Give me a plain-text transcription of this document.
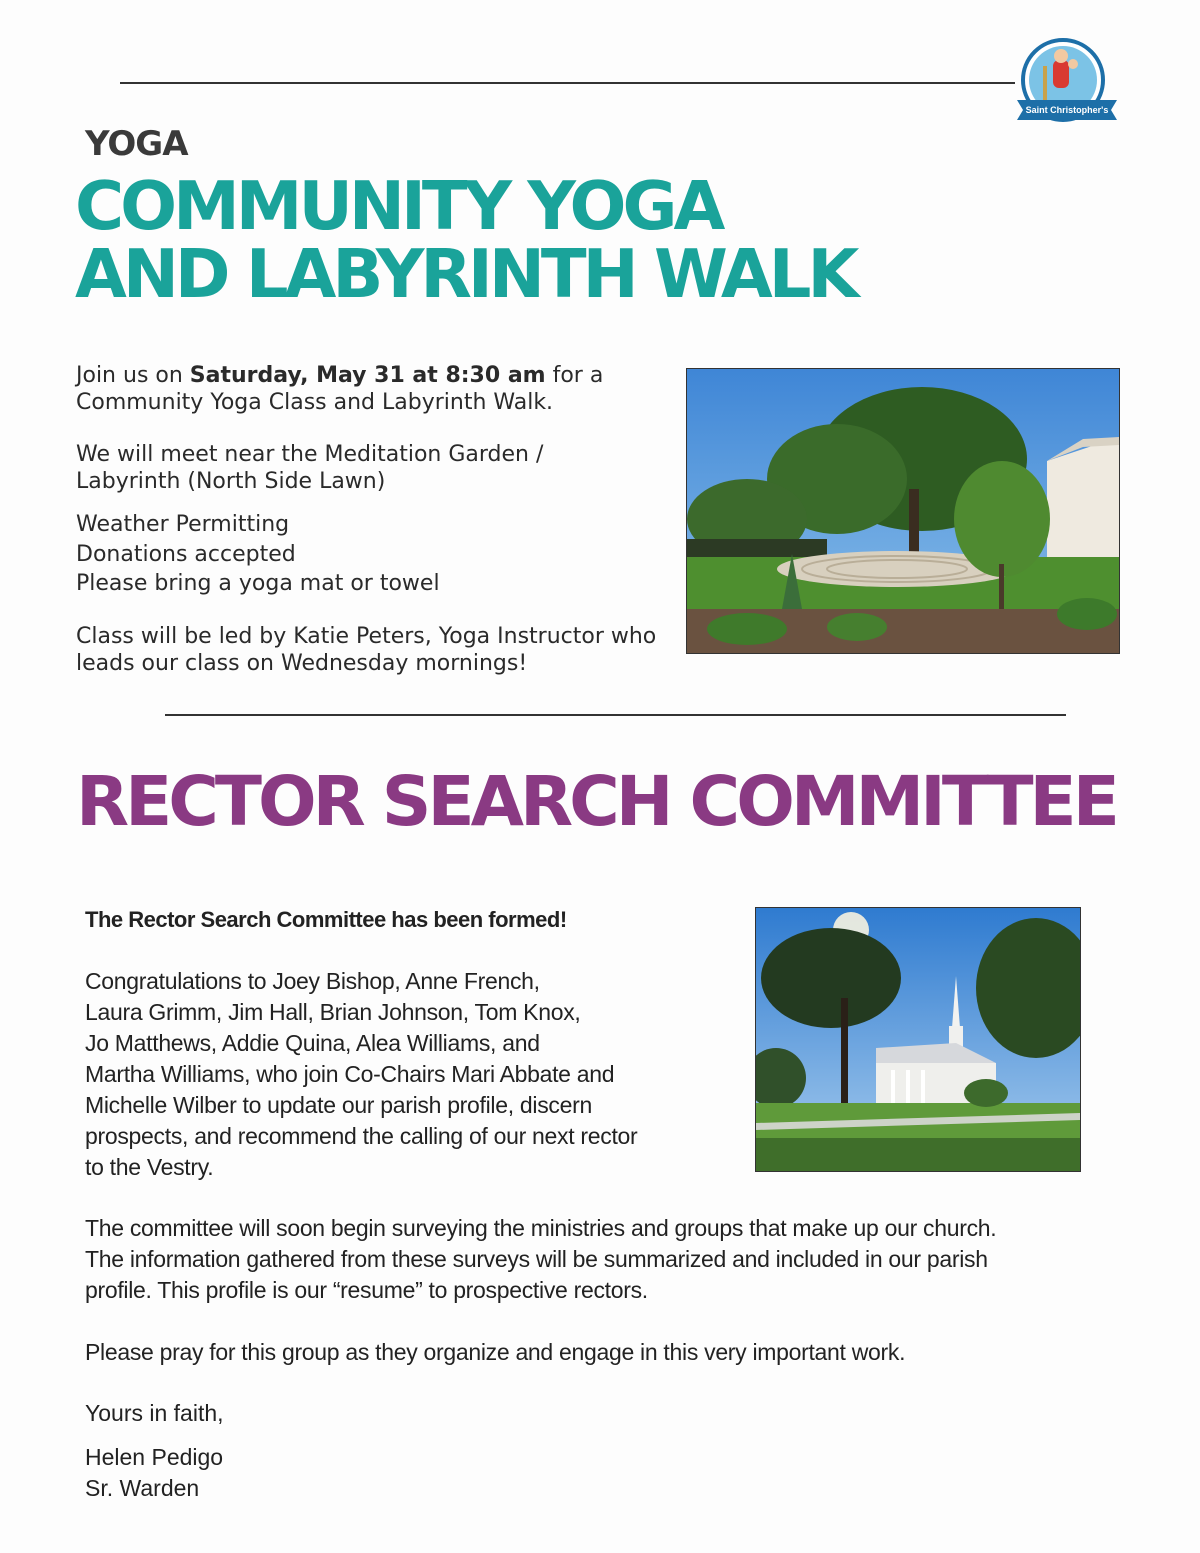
Saint Christopher's
YOGA
COMMUNITY YOGA
AND LABYRINTH WALK

Join us on Saturday, May 31 at 8:30 am for a Community Yoga Class and Labyrinth Walk.

We will meet near the Meditation Garden / Labyrinth (North Side Lawn)

Weather Permitting

Donations accepted

Please bring a yoga mat or towel

Class will be led by Katie Peters, Yoga Instructor who leads our class on Wednesday mornings!
RECTOR SEARCH COMMITTEE
The Rector Search Committee has been formed!
Congratulations to Joey Bishop, Anne French,
Laura Grimm, Jim Hall, Brian Johnson, Tom Knox,
Jo Matthews, Addie Quina, Alea Williams, and
Martha Williams, who join Co-Chairs Mari Abbate and
Michelle Wilber to update our parish profile, discern
prospects, and recommend the calling of our next rector
to the Vestry.
The committee will soon begin surveying the ministries and groups that make up our church.
The information gathered from these surveys will be summarized and included in our parish
profile. This profile is our “resume” to prospective rectors.
Please pray for this group as they organize and engage in this very important work.
Yours in faith,
Helen Pedigo
Sr. Warden
